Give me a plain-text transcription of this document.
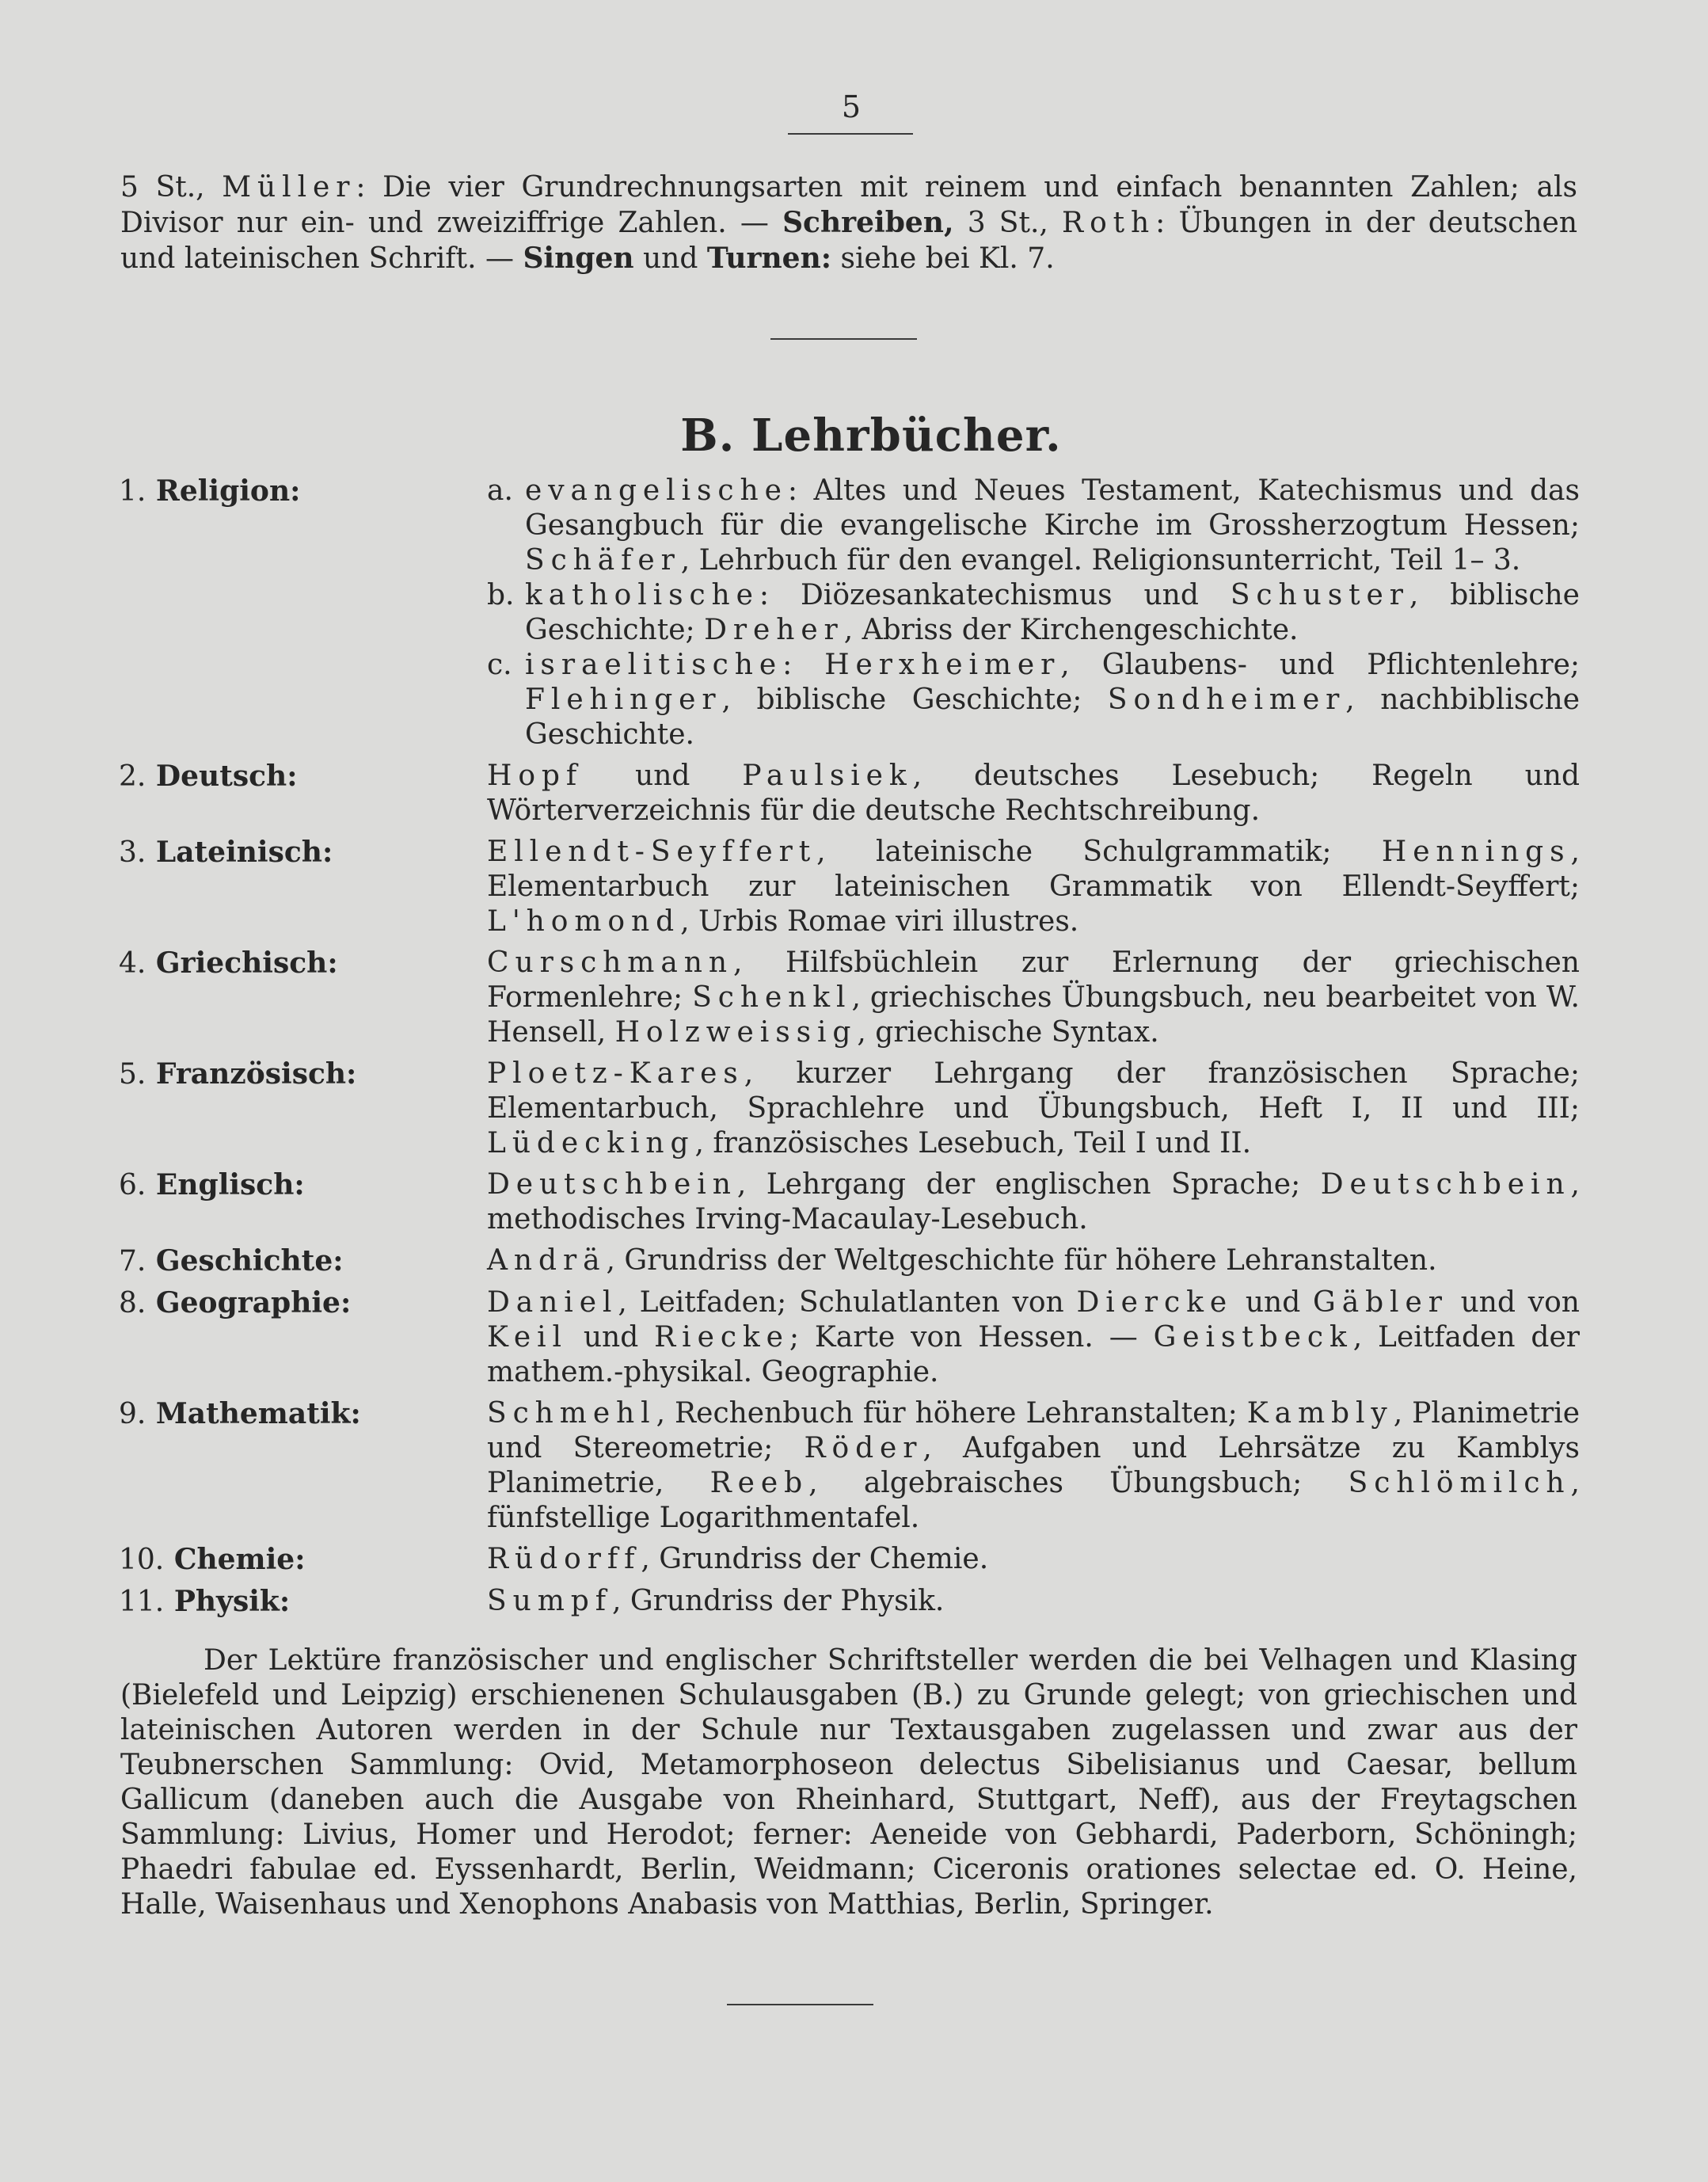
5

5 St., Müller: Die vier Grundrechnungsarten mit reinem und einfach benannten Zahlen; als Divisor nur ein- und zweiziffrige Zahlen. — Schreiben, 3 St., Roth: Übungen in der deutschen und lateinischen Schrift. — Singen und Turnen: siehe bei Kl. 7.

B. Lehrbücher.
1. Religion:	a. evangelische: Altes und Neues Testament, Katechismus und das Gesangbuch für die evangelische Kirche im Grossherzogtum Hessen; Schäfer, Lehrbuch für den evangel. Religionsunterricht, Teil 1– 3.
b. katholische: Diözesankatechismus und Schuster, biblische Geschichte; Dreher, Abriss der Kirchengeschichte.
c. israelitische: Herxheimer, Glaubens- und Pflichtenlehre; Flehinger, biblische Geschichte; Sondheimer, nachbiblische Geschichte.
2. Deutsch:	Hopf und Paulsiek, deutsches Lesebuch; Regeln und Wörterverzeichnis für die deutsche Rechtschreibung.
3. Lateinisch:	Ellendt-Seyffert, lateinische Schulgrammatik; Hennings, Elementarbuch zur lateinischen Grammatik von Ellendt-Seyffert; L'homond, Urbis Romae viri illustres.
4. Griechisch:	Curschmann, Hilfsbüchlein zur Erlernung der griechischen Formenlehre; Schenkl, griechisches Übungsbuch, neu bearbeitet von W. Hensell, Holzweissig, griechische Syntax.
5. Französisch:	Ploetz-Kares, kurzer Lehrgang der französischen Sprache; Elementarbuch, Sprachlehre und Übungsbuch, Heft I, II und III; Lüdecking, französisches Lesebuch, Teil I und II.
6. Englisch:	Deutschbein, Lehrgang der englischen Sprache; Deutschbein, methodisches Irving-Macaulay-Lesebuch.
7. Geschichte:	Andrä, Grundriss der Weltgeschichte für höhere Lehranstalten.
8. Geographie:	Daniel, Leitfaden; Schulatlanten von Diercke und Gäbler und von Keil und Riecke; Karte von Hessen. — Geistbeck, Leitfaden der mathem.-physikal. Geographie.
9. Mathematik:	Schmehl, Rechenbuch für höhere Lehranstalten; Kambly, Planimetrie und Stereometrie; Röder, Aufgaben und Lehrsätze zu Kamblys Planimetrie, Reeb, algebraisches Übungsbuch; Schlömilch, fünfstellige Logarithmentafel.
10. Chemie:	Rüdorff, Grundriss der Chemie.
11. Physik:	Sumpf, Grundriss der Physik.

Der Lektüre französischer und englischer Schriftsteller werden die bei Velhagen und Klasing (Bielefeld und Leipzig) erschienenen Schulausgaben (B.) zu Grunde gelegt; von griechischen und lateinischen Autoren werden in der Schule nur Textausgaben zugelassen und zwar aus der Teubnerschen Sammlung: Ovid, Metamorphoseon delectus Sibelisianus und Caesar, bellum Gallicum (daneben auch die Ausgabe von Rheinhard, Stuttgart, Neff), aus der Freytagschen Sammlung: Livius, Homer und Herodot; ferner: Aeneide von Gebhardi, Paderborn, Schöningh; Phaedri fabulae ed. Eyssenhardt, Berlin, Weidmann; Ciceronis orationes selectae ed. O. Heine, Halle, Waisenhaus und Xenophons Anabasis von Matthias, Berlin, Springer.
